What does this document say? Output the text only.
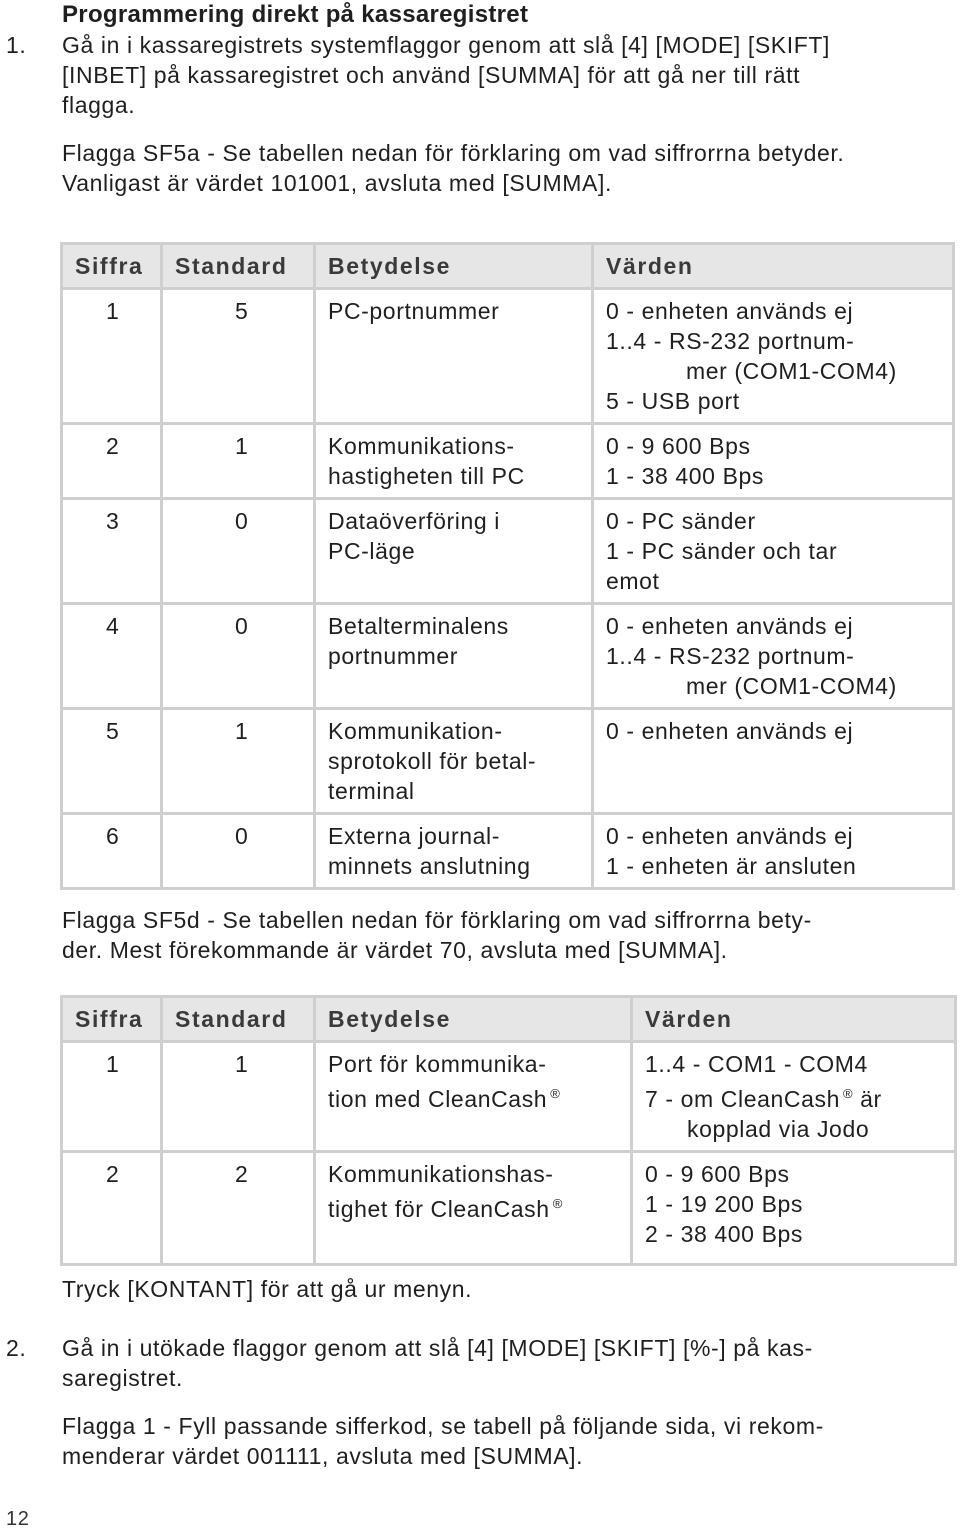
Programmering direkt på kassaregistret
1. Gå in i kassaregistrets systemflaggor genom att slå [4] [MODE] [SKIFT]
[INBET] på kassaregistret och använd [SUMMA] för att gå ner till rätt
flagga.
Flagga SF5a - Se tabellen nedan för förklaring om vad siffrorrna betyder.
Vanligast är värdet 101001, avsluta med [SUMMA].
Siffra	Standard	Betydelse	Värden
1	5	PC-portnummer	0 - enheten används ej
1..4 - RS-232 portnum-
mer (COM1-COM4)
5 - USB port

2	1	Kommunikations-
hastigheten till PC	0 - 9 600 Bps
1 - 38 400 Bps

3	0	Dataöverföring i
PC-läge	0 - PC sänder
1 - PC sänder och tar
emot

4	0	Betalterminalens
portnummer	0 - enheten används ej
1..4 - RS-232 portnum-
mer (COM1-COM4)

5	1	Kommunikation-
sprotokoll för betal-
terminal	0 - enheten används ej

6	0	Externa journal-
minnets anslutning	0 - enheten används ej
1 - enheten är ansluten
Flagga SF5d - Se tabellen nedan för förklaring om vad siffrorrna bety-
der. Mest förekommande är värdet 70, avsluta med [SUMMA].
Siffra	Standard	Betydelse	Värden
1	1	Port för kommunika-
tion med CleanCash ®	1..4 - COM1 - COM4
7 - om CleanCash ® är
kopplad via Jodo

2	2	Kommunikationshas-
tighet för CleanCash ®	0 - 9 600 Bps
1 - 19 200 Bps
2 - 38 400 Bps
Tryck [KONTANT] för att gå ur menyn.
2. Gå in i utökade flaggor genom att slå [4] [MODE] [SKIFT] [%-] på kas-
saregistret.
Flagga 1 - Fyll passande sifferkod, se tabell på följande sida, vi rekom-
menderar värdet 001111, avsluta med [SUMMA].
12
